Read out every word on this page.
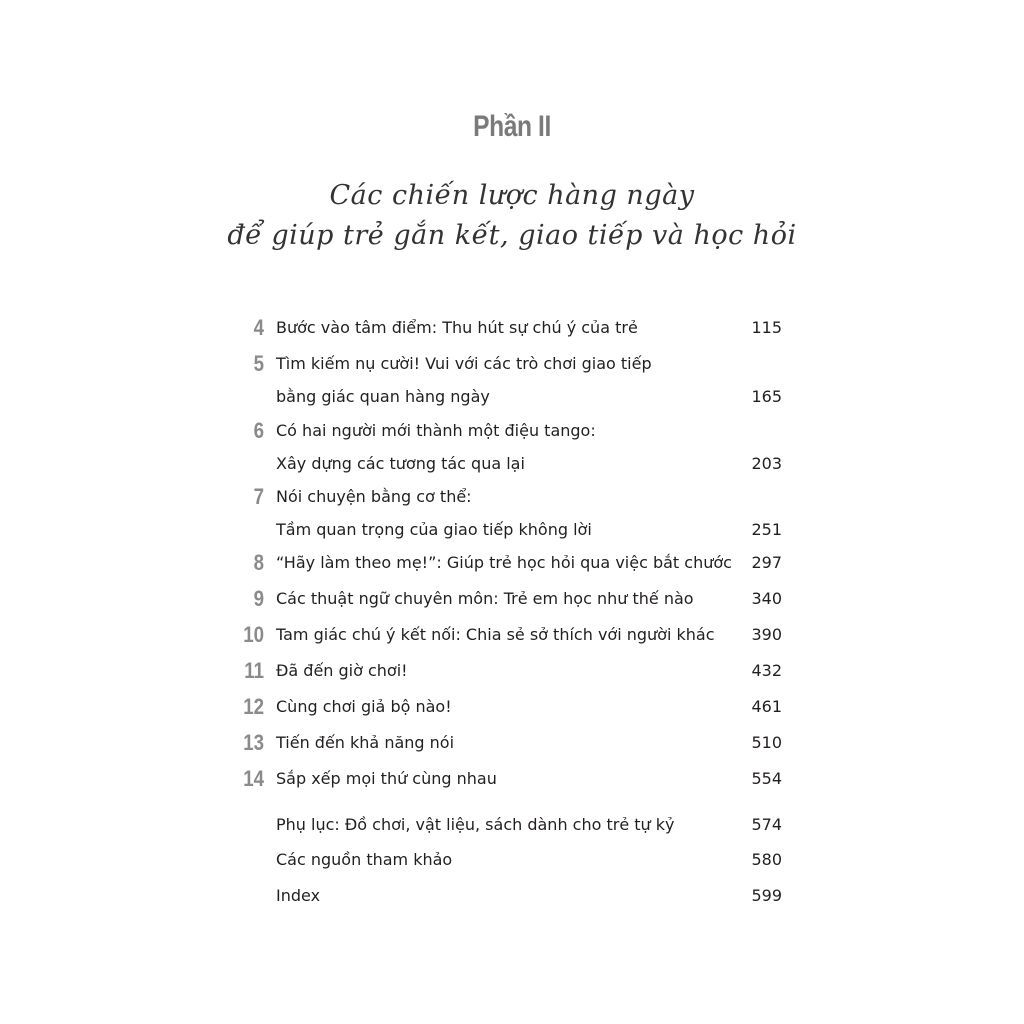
Phần II
Các chiến lược hàng ngày
để giúp trẻ gắn kết, giao tiếp và học hỏi
4 Bước vào tâm điểm: Thu hút sự chú ý của trẻ	115
5 Tìm kiếm nụ cười! Vui với các trò chơi giao tiếp
bằng giác quan hàng ngày	165
6 Có hai người mới thành một điệu tango:
Xây dựng các tương tác qua lại	203
7 Nói chuyện bằng cơ thể:
Tầm quan trọng của giao tiếp không lời	251
8 “Hãy làm theo mẹ!”: Giúp trẻ học hỏi qua việc bắt chước 297
9 Các thuật ngữ chuyên môn: Trẻ em học như thế nào	340
10 Tam giác chú ý kết nối: Chia sẻ sở thích với người khác 390
11 Đã đến giờ chơi!	432
12 Cùng chơi giả bộ nào!	461
13 Tiến đến khả năng nói	510
14 Sắp xếp mọi thứ cùng nhau	554
Phụ lục: Đồ chơi, vật liệu, sách dành cho trẻ tự kỷ	574
Các nguồn tham khảo	580
Index	599
